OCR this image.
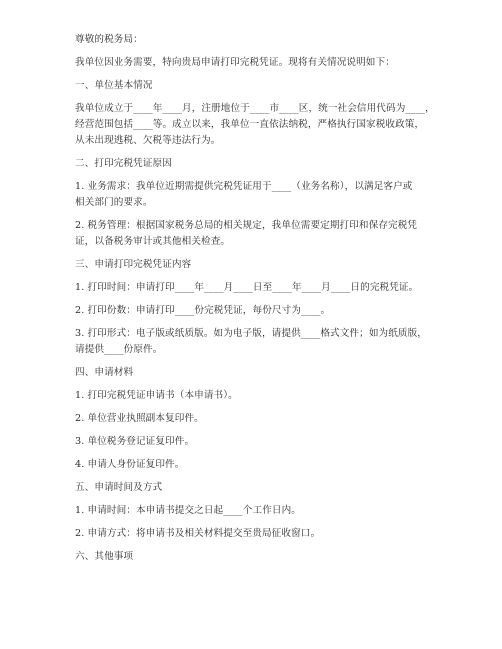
尊敬的税务局：
我单位因业务需要，特向贵局申请打印完税凭证。现将有关情况说明如下：
一、单位基本情况
我单位成立于____年____月，注册地位于____市____区，统一社会信用代码为____，
经营范围包括____等。成立以来，我单位一直依法纳税，严格执行国家税收政策，
从未出现逃税、欠税等违法行为。
二、打印完税凭证原因
1. 业务需求：我单位近期需提供完税凭证用于____（业务名称），以满足客户或
相关部门的要求。
2. 税务管理：根据国家税务总局的相关规定，我单位需要定期打印和保存完税凭
证，以备税务审计或其他相关检查。
三、申请打印完税凭证内容
1. 打印时间：申请打印____年____月____日至____年____月____日的完税凭证。
2. 打印份数：申请打印____份完税凭证，每份尺寸为____。
3. 打印形式：电子版或纸质版。如为电子版，请提供____格式文件；如为纸质版，
请提供____份原件。
四、申请材料
1. 打印完税凭证申请书（本申请书）。
2. 单位营业执照副本复印件。
3. 单位税务登记证复印件。
4. 申请人身份证复印件。
五、申请时间及方式
1. 申请时间：本申请书提交之日起____个工作日内。
2. 申请方式：将申请书及相关材料提交至贵局征收窗口。
六、其他事项
